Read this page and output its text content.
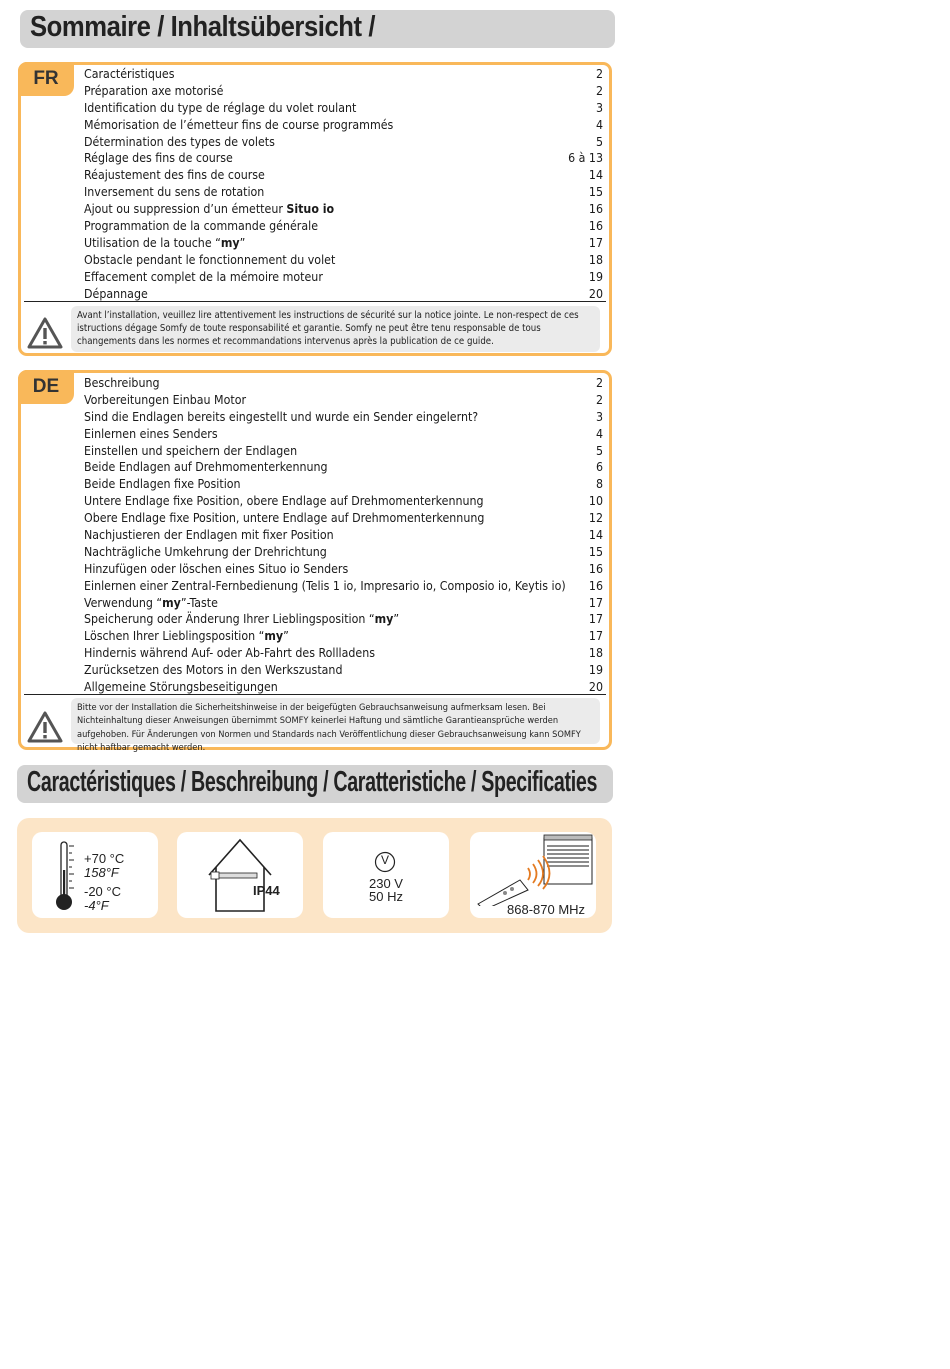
Sommaire / Inhaltsübersicht /
FR	Caractéristiques	2
Préparation axe motorisé	2
Identification du type de réglage du volet roulant	3
Mémorisation de l’émetteur fins de course programmés	4
Détermination des types de volets	5
Réglage des fins de course	6 à 13
Réajustement des fins de course	14
Inversement du sens de rotation	15
Ajout ou suppression d’un émetteur Situo io	16
Programmation de la commande générale	16
Utilisation de la touche “my”	17
Obstacle pendant le fonctionnement du volet	18
Effacement complet de la mémoire moteur	19
Dépannage	20
Avant l’installation, veuillez lire attentivement les instructions de sécurité sur la notice jointe. Le non-respect de ces istructions dégage Somfy de toute responsabilité et garantie. Somfy ne peut être tenu responsable de tous changements dans les normes et recommandations intervenus après la publication de ce guide.
DE	Beschreibung	2
Vorbereitungen Einbau Motor	2
Sind die Endlagen bereits eingestellt und wurde ein Sender eingelernt?	3
Einlernen eines Senders	4
Einstellen und speichern der Endlagen	5
Beide Endlagen auf Drehmomenterkennung	6
Beide Endlagen fixe Position	8
Untere Endlage fixe Position, obere Endlage auf Drehmomenterkennung	10
Obere Endlage fixe Position, untere Endlage auf Drehmomenterkennung	12
Nachjustieren der Endlagen mit fixer Position	14
Nachträgliche Umkehrung der Drehrichtung	15
Hinzufügen oder löschen eines Situo io Senders	16
Einlernen einer Zentral-Fernbedienung (Telis 1 io, Impresario io, Composio io, Keytis io) 16
Verwendung “my”-Taste	17
Speicherung oder Änderung Ihrer Lieblingsposition “my”	17
Löschen Ihrer Lieblingsposition “my”	17
Hindernis während Auf- oder Ab-Fahrt des Rollladens	18
Zurücksetzen des Motors in den Werkszustand	19
Allgemeine Störungsbeseitigungen	20
Bitte vor der Installation die Sicherheitshinweise in der beigefügten Gebrauchsanweisung aufmerksam lesen. Bei Nichteinhaltung dieser Anweisungen übernimmt SOMFY keinerlei Haftung und sämtliche Garantieansprüche werden aufgehoben. Für Änderungen von Normen und Standards nach Veröffentlichung dieser Gebrauchsanweisung kann SOMFY nicht haftbar gemacht werden.
Caractéristiques / Beschreibung / Caratteristiche / Specificaties
+70 °C
158°F
-20 °C
-4°F
IP44
V
230 V
50 Hz
868-870 MHz
